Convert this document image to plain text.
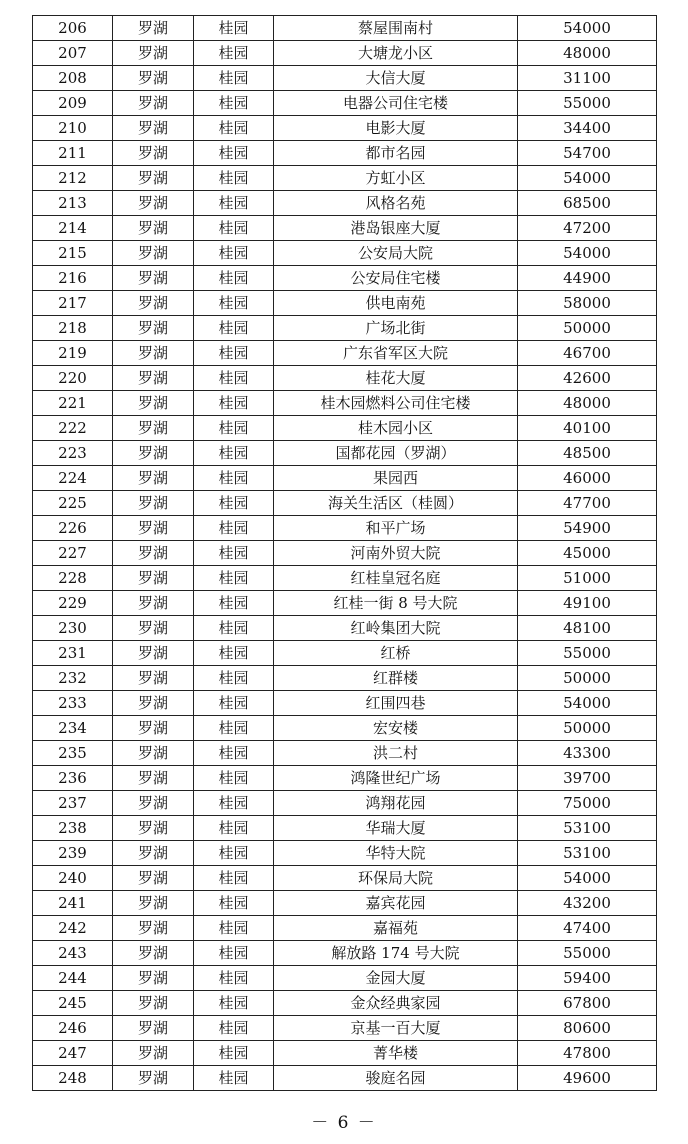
206	罗湖	桂园	蔡屋围南村	54000
207	罗湖	桂园	大塘龙小区	48000
208	罗湖	桂园	大信大厦	31100
209	罗湖	桂园	电器公司住宅楼	55000
210	罗湖	桂园	电影大厦	34400
211	罗湖	桂园	都市名园	54700
212	罗湖	桂园	方虹小区	54000
213	罗湖	桂园	风格名苑	68500
214	罗湖	桂园	港岛银座大厦	47200
215	罗湖	桂园	公安局大院	54000
216	罗湖	桂园	公安局住宅楼	44900
217	罗湖	桂园	供电南苑	58000
218	罗湖	桂园	广场北街	50000
219	罗湖	桂园	广东省军区大院	46700
220	罗湖	桂园	桂花大厦	42600
221	罗湖	桂园	桂木园燃料公司住宅楼	48000
222	罗湖	桂园	桂木园小区	40100
223	罗湖	桂园	国都花园（罗湖）	48500
224	罗湖	桂园	果园西	46000
225	罗湖	桂园	海关生活区（桂圆）	47700
226	罗湖	桂园	和平广场	54900
227	罗湖	桂园	河南外贸大院	45000
228	罗湖	桂园	红桂皇冠名庭	51000
229	罗湖	桂园	红桂一街 8 号大院	49100
230	罗湖	桂园	红岭集团大院	48100
231	罗湖	桂园	红桥	55000
232	罗湖	桂园	红群楼	50000
233	罗湖	桂园	红围四巷	54000
234	罗湖	桂园	宏安楼	50000
235	罗湖	桂园	洪二村	43300
236	罗湖	桂园	鸿隆世纪广场	39700
237	罗湖	桂园	鸿翔花园	75000
238	罗湖	桂园	华瑞大厦	53100
239	罗湖	桂园	华特大院	53100
240	罗湖	桂园	环保局大院	54000
241	罗湖	桂园	嘉宾花园	43200
242	罗湖	桂园	嘉福苑	47400
243	罗湖	桂园	解放路 174 号大院	55000
244	罗湖	桂园	金园大厦	59400
245	罗湖	桂园	金众经典家园	67800
246	罗湖	桂园	京基一百大厦	80600
247	罗湖	桂园	菁华楼	47800
248	罗湖	桂园	骏庭名园	49600
－ 6 －
